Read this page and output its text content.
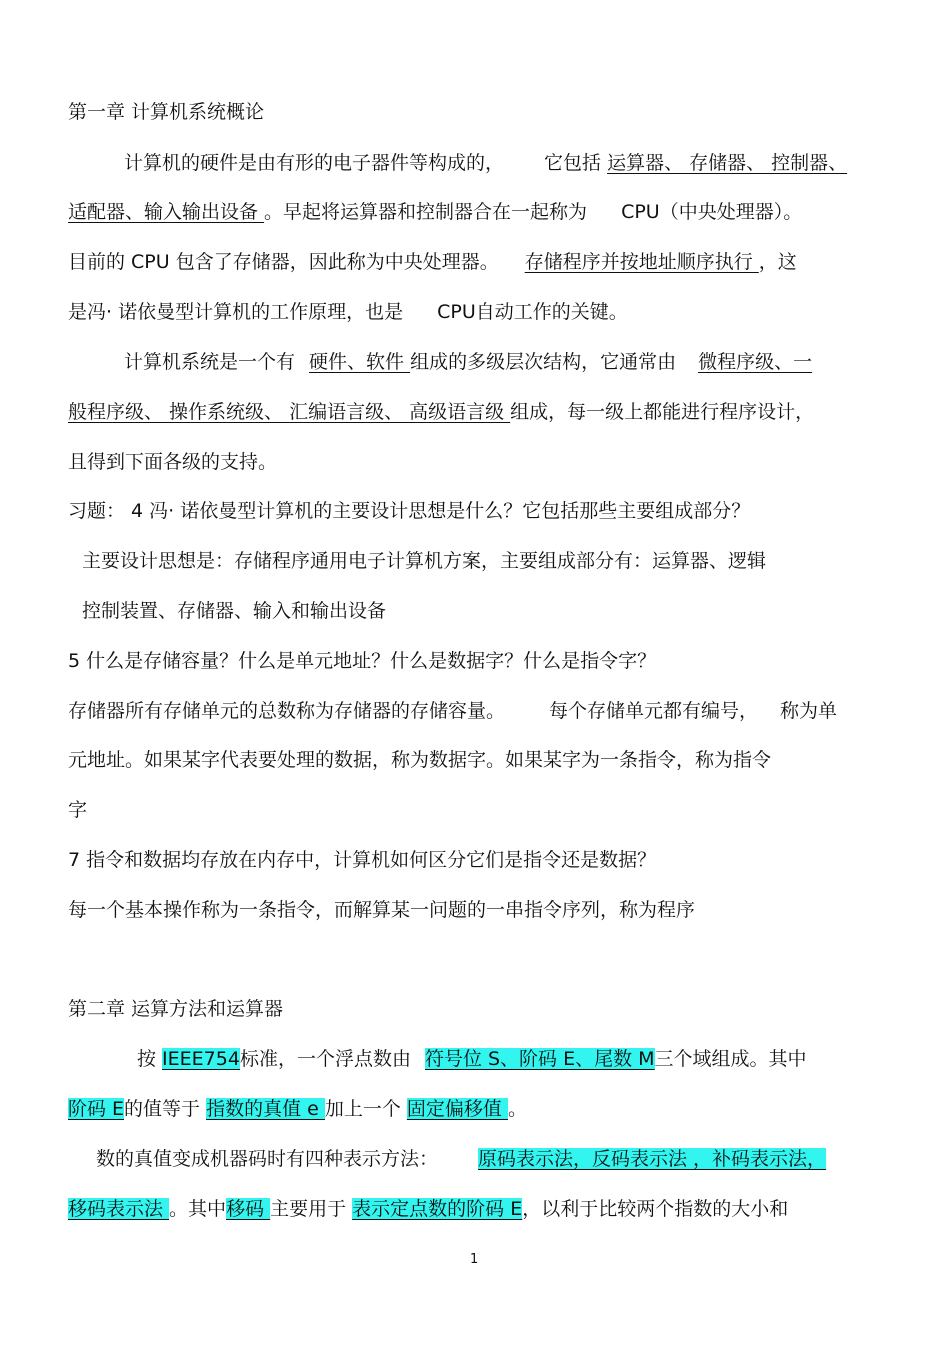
第一章 计算机系统概论
计算机的硬件是由有形的电子器件等构成的， 它包括 运算器、 存储器、 控制器、
适配器、输入输出设备 。早起将运算器和控制器合在一起称为 CPU（中央处理器）。
目前的 CPU 包含了存储器，因此称为中央处理器。 存储程序并按地址顺序执行 ，这
是冯· 诺依曼型计算机的工作原理，也是 CPU自动工作的关键。
计算机系统是一个有 硬件、软件 组成的多级层次结构，它通常由 微程序级、一
般程序级、 操作系统级、 汇编语言级、 高级语言级 组成，每一级上都能进行程序设计，
且得到下面各级的支持。
习题： 4 冯· 诺依曼型计算机的主要设计思想是什么？它包括那些主要组成部分？
主要设计思想是：存储程序通用电子计算机方案，主要组成部分有：运算器、逻辑
控制装置、存储器、输入和输出设备
5 什么是存储容量？什么是单元地址？什么是数据字？什么是指令字？
存储器所有存储单元的总数称为存储器的存储容量。 每个存储单元都有编号， 称为单
元地址。如果某字代表要处理的数据，称为数据字。如果某字为一条指令，称为指令
字
7 指令和数据均存放在内存中，计算机如何区分它们是指令还是数据？
每一个基本操作称为一条指令，而解算某一问题的一串指令序列，称为程序
第二章 运算方法和运算器
按 IEEE754标准，一个浮点数由 符号位 S、阶码 E、尾数 M三个域组成。其中
阶码 E的值等于 指数的真值 e 加上一个 固定偏移值 。
数的真值变成机器码时有四种表示方法： 原码表示法，反码表示法 ，补码表示法，
移码表示法 。其中移码 主要用于 表示定点数的阶码 E，以利于比较两个指数的大小和
1
